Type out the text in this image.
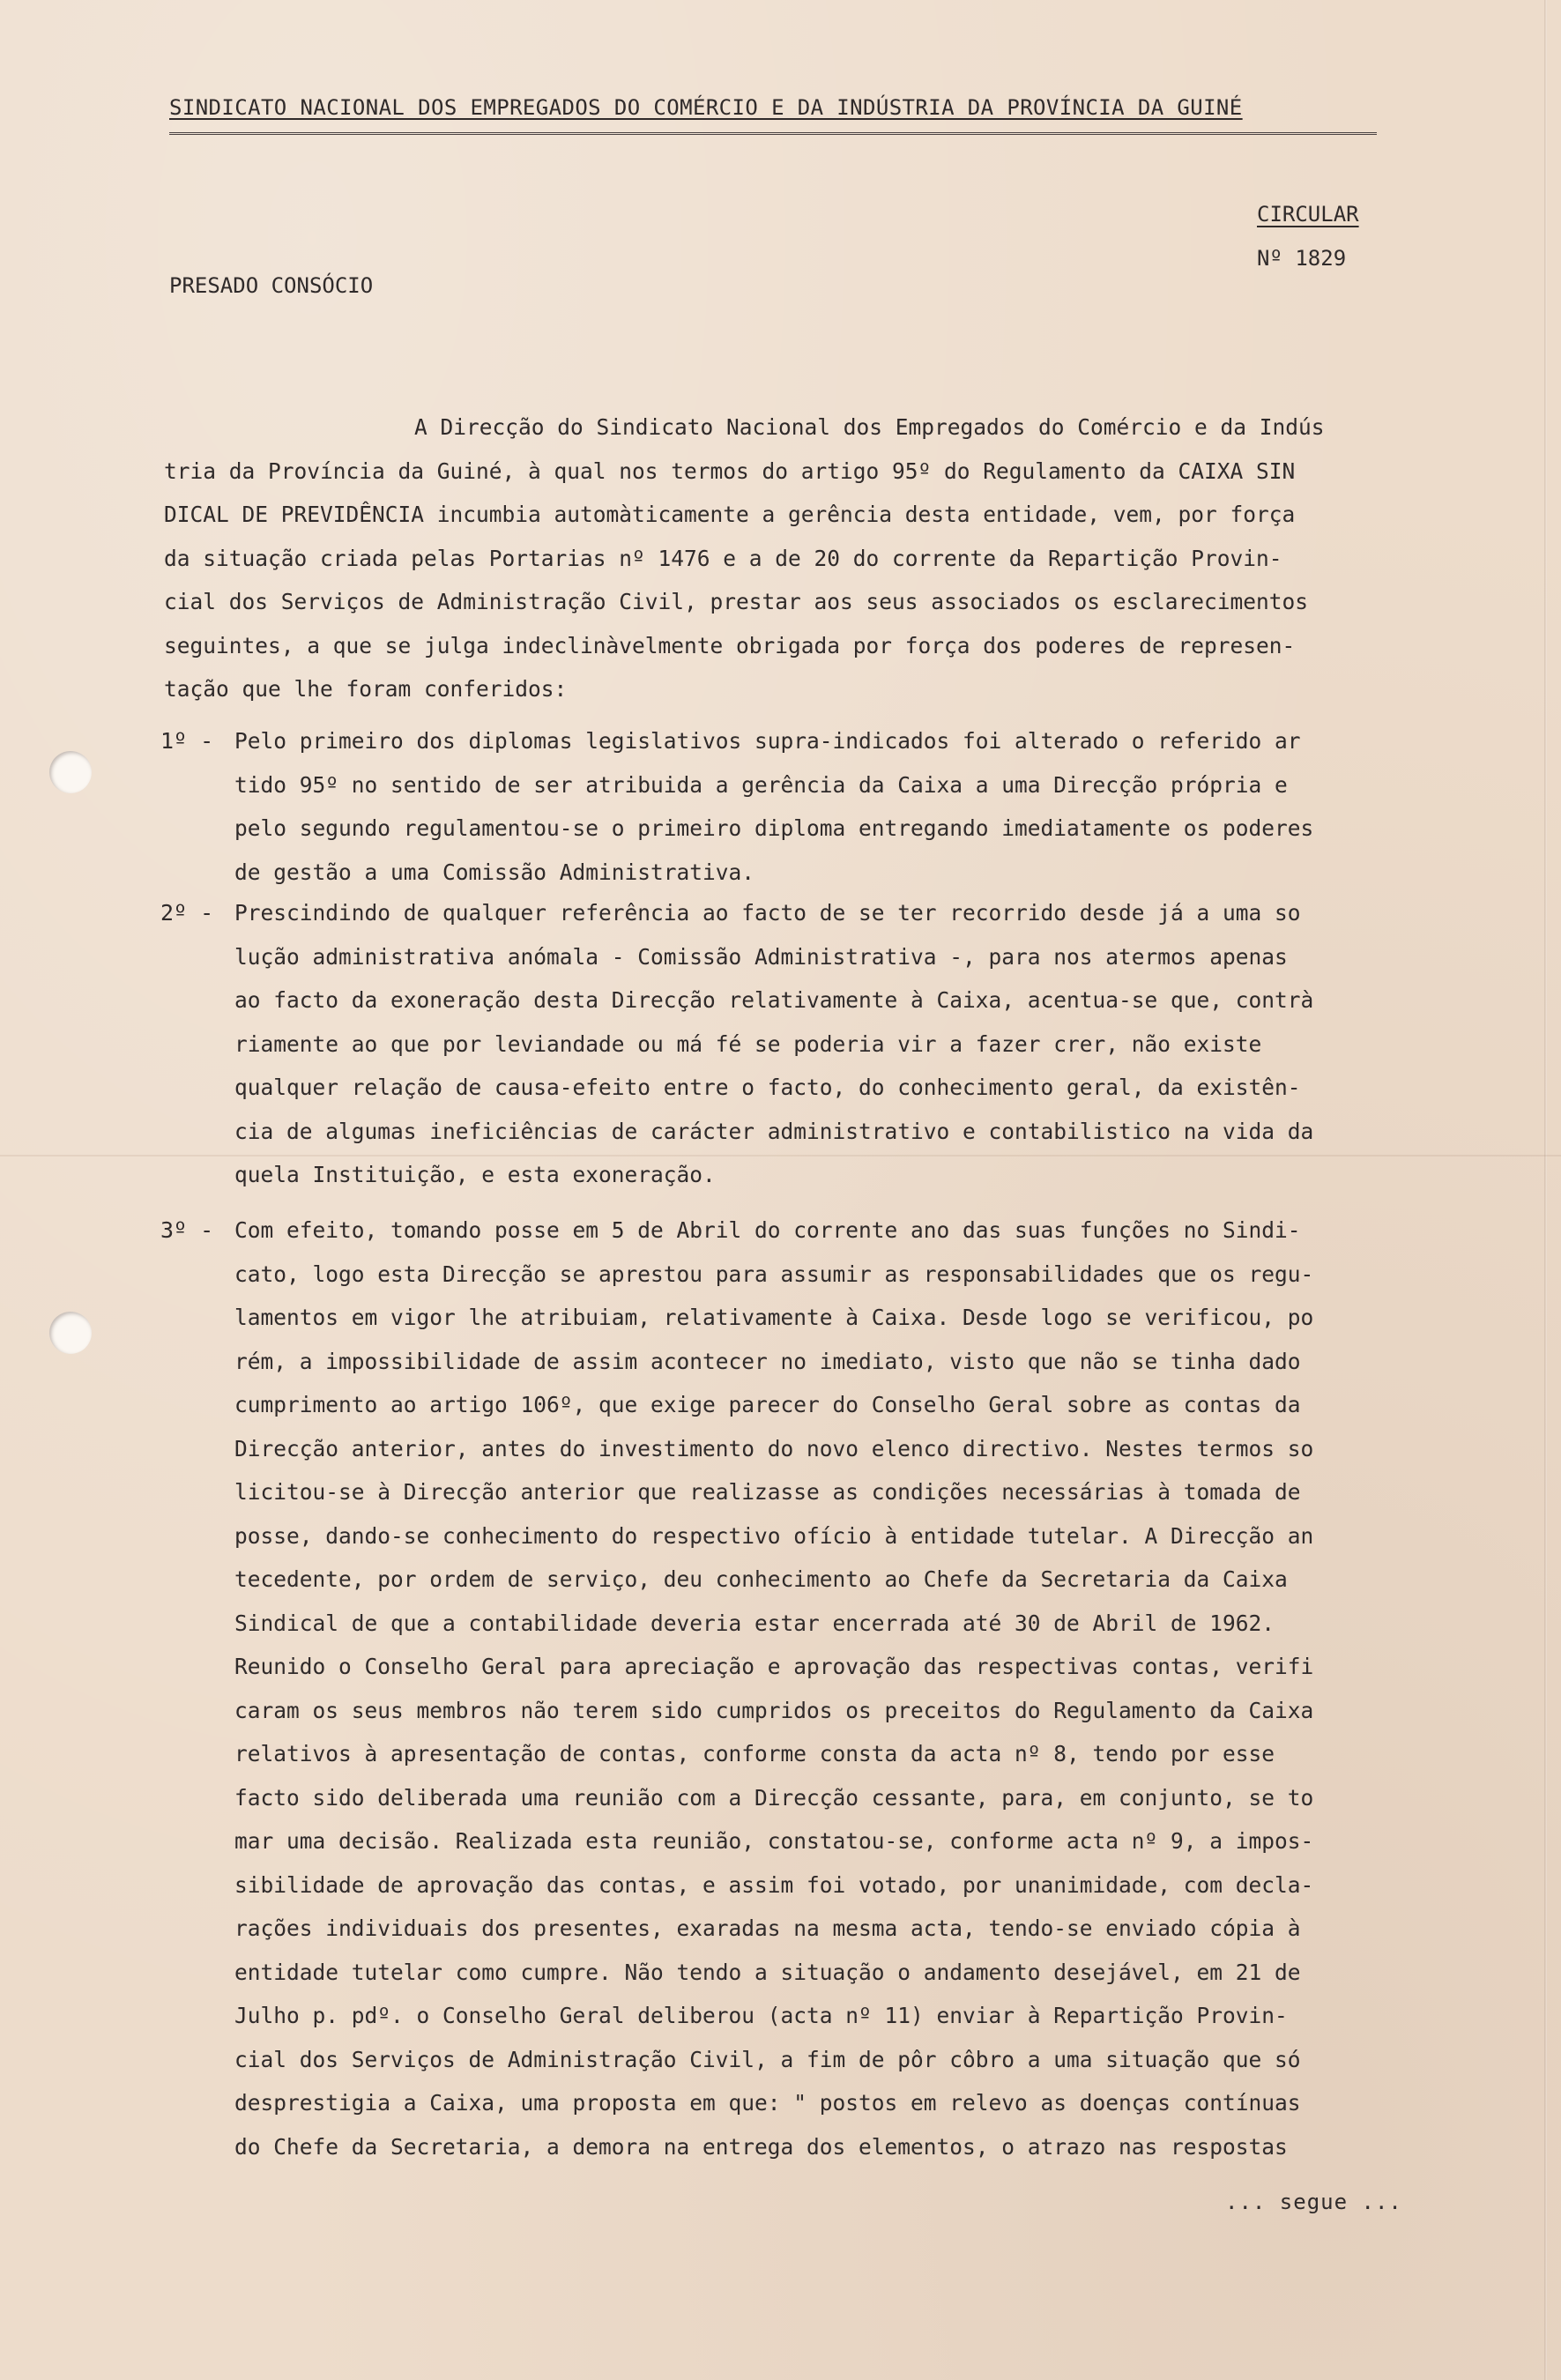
SINDICATO NACIONAL DOS EMPREGADOS DO COMÉRCIO E DA INDÚSTRIA DA PROVÍNCIA DA GUINÉ
CIRCULAR
Nº 1829
PRESADO CONSÓCIO
A Direcção do Sindicato Nacional dos Empregados do Comércio e da Indús
tria da Província da Guiné, à qual nos termos do artigo 95º do Regulamento da CAIXA SIN
DICAL DE PREVIDÊNCIA incumbia automàticamente a gerência desta entidade, vem, por força
da situação criada pelas Portarias nº 1476 e a de 20 do corrente da Repartição Provin-
cial dos Serviços de Administração Civil, prestar aos seus associados os esclarecimentos
seguintes, a que se julga indeclinàvelmente obrigada por força dos poderes de represen-
tação que lhe foram conferidos:
1º - Pelo primeiro dos diplomas legislativos supra-indicados foi alterado o referido ar
tido 95º no sentido de ser atribuida a gerência da Caixa a uma Direcção própria e
pelo segundo regulamentou-se o primeiro diploma entregando imediatamente os poderes
de gestão a uma Comissão Administrativa.
2º - Prescindindo de qualquer referência ao facto de se ter recorrido desde já a uma so
lução administrativa anómala - Comissão Administrativa -, para nos atermos apenas
ao facto da exoneração desta Direcção relativamente à Caixa, acentua-se que, contrà
riamente ao que por leviandade ou má fé se poderia vir a fazer crer, não existe
qualquer relação de causa-efeito entre o facto, do conhecimento geral, da existên-
cia de algumas ineficiências de carácter administrativo e contabilistico na vida da
quela Instituição, e esta exoneração.
3º - Com efeito, tomando posse em 5 de Abril do corrente ano das suas funções no Sindi-
cato, logo esta Direcção se aprestou para assumir as responsabilidades que os regu-
lamentos em vigor lhe atribuiam, relativamente à Caixa. Desde logo se verificou, po
rém, a impossibilidade de assim acontecer no imediato, visto que não se tinha dado
cumprimento ao artigo 106º, que exige parecer do Conselho Geral sobre as contas da
Direcção anterior, antes do investimento do novo elenco directivo. Nestes termos so
licitou-se à Direcção anterior que realizasse as condições necessárias à tomada de
posse, dando-se conhecimento do respectivo ofício à entidade tutelar. A Direcção an
tecedente, por ordem de serviço, deu conhecimento ao Chefe da Secretaria da Caixa
Sindical de que a contabilidade deveria estar encerrada até 30 de Abril de 1962.
Reunido o Conselho Geral para apreciação e aprovação das respectivas contas, verifi
caram os seus membros não terem sido cumpridos os preceitos do Regulamento da Caixa
relativos à apresentação de contas, conforme consta da acta nº 8, tendo por esse
facto sido deliberada uma reunião com a Direcção cessante, para, em conjunto, se to
mar uma decisão. Realizada esta reunião, constatou-se, conforme acta nº 9, a impos-
sibilidade de aprovação das contas, e assim foi votado, por unanimidade, com decla-
rações individuais dos presentes, exaradas na mesma acta, tendo-se enviado cópia à
entidade tutelar como cumpre. Não tendo a situação o andamento desejável, em 21 de
Julho p. pdº. o Conselho Geral deliberou (acta nº 11) enviar à Repartição Provin-
cial dos Serviços de Administração Civil, a fim de pôr côbro a uma situação que só
desprestigia a Caixa, uma proposta em que: " postos em relevo as doenças contínuas
do Chefe da Secretaria, a demora na entrega dos elementos, o atrazo nas respostas
... segue ...
